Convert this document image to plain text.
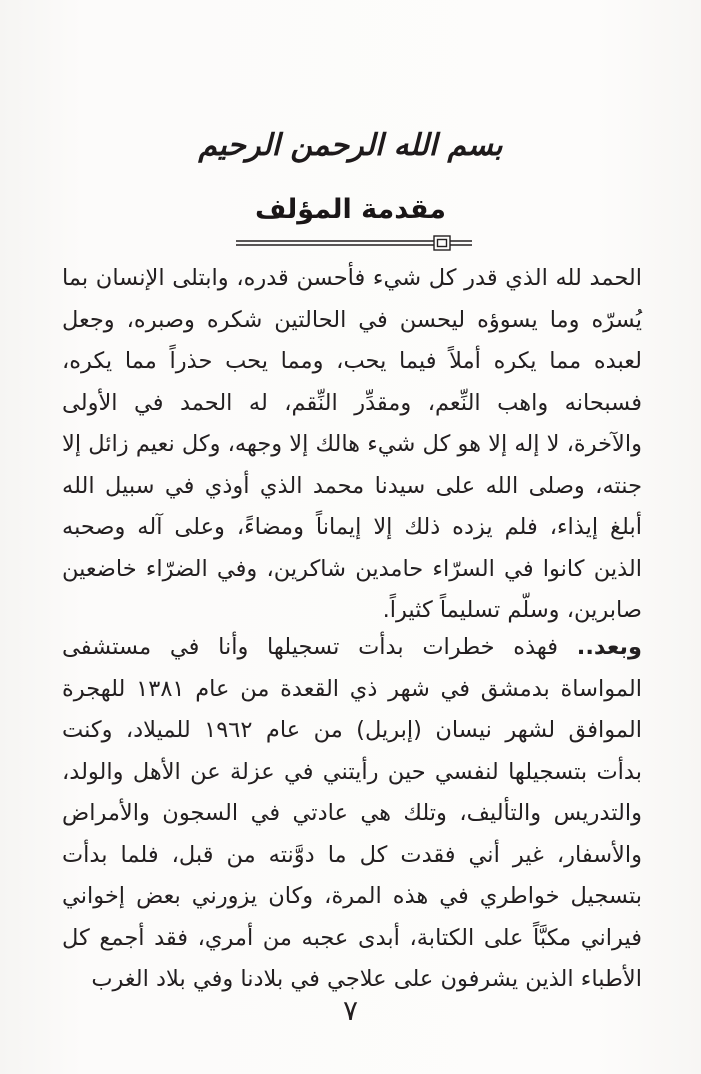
بسم الله الرحمن الرحيم
مقدمة المؤلف
الحمد لله الذي قدر كل شيء فأحسن قدره، وابتلى الإنسان بما يُسرّه وما يسوؤه ليحسن في الحالتين شكره وصبره، وجعل لعبده مما يكره أملاً فيما يحب، ومما يحب حذراً مما يكره، فسبحانه واهب النِّعم، ومقدِّر النِّقم، له الحمد في الأولى والآخرة، لا إله إلا هو كل شيء هالك إلا وجهه، وكل نعيم زائل إلا جنته، وصلى الله على سيدنا محمد الذي أوذي في سبيل الله أبلغ إيذاء، فلم يزده ذلك إلا إيماناً ومضاءً، وعلى آله وصحبه الذين كانوا في السرّاء حامدين شاكرين، وفي الضرّاء خاضعين صابرين، وسلّم تسليماً كثيراً.
وبعد.. فهذه خطرات بدأت تسجيلها وأنا في مستشفى المواساة بدمشق في شهر ذي القعدة من عام ١٣٨١ للهجرة الموافق لشهر نيسان (إبريل) من عام ١٩٦٢ للميلاد، وكنت بدأت بتسجيلها لنفسي حين رأيتني في عزلة عن الأهل والولد، والتدريس والتأليف، وتلك هي عادتي في السجون والأمراض والأسفار، غير أني فقدت كل ما دوَّنته من قبل، فلما بدأت بتسجيل خواطري في هذه المرة، وكان يزورني بعض إخواني فيراني مكبَّاً على الكتابة، أبدى عجبه من أمري، فقد أجمع كل الأطباء الذين يشرفون على علاجي في بلادنا وفي بلاد الغرب
٧
